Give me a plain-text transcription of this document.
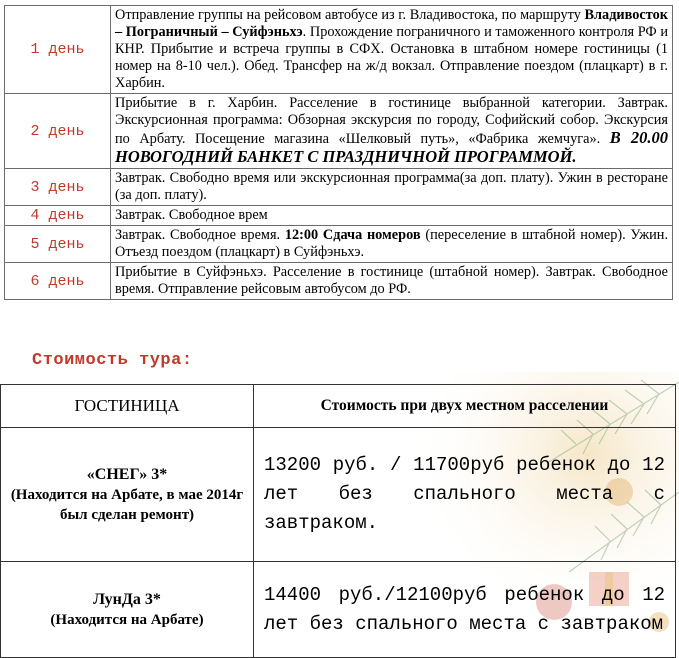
1 день	Отправление группы на рейсовом автобусе из г. Владивостока, по маршруту Владивосток – Пограничный – Суйфэньхэ. Прохождение пограничного и таможенного контроля РФ и КНР. Прибытие и встреча группы в СФХ. Остановка в штабном номере гостиницы (1 номер на 8-10 чел.). Обед. Трансфер на ж/д вокзал. Отправление поездом (плацкарт) в г. Харбин.
2 день	Прибытие в г. Харбин. Расселение в гостинице выбранной категории. Завтрак. Экскурсионная программа: Обзорная экскурсия по городу, Софийский собор. Экскурсия по Арбату. Посещение магазина «Шелковый путь», «Фабрика жемчуга». В 20.00 НОВОГОДНИЙ БАНКЕТ С ПРАЗДНИЧНОЙ ПРОГРАММОЙ.
3 день	Завтрак. Свободно время или экскурсионная программа(за доп. плату). Ужин в ресторане (за доп. плату).
4 день	Завтрак. Свободное врем
5 день	Завтрак. Свободное время. 12:00 Сдача номеров (переселение в штабной номер). Ужин. Отъезд поездом (плацкарт) в Суйфэньхэ.
6 день	Прибытие в Суйфэньхэ. Расселение в гостинице (штабной номер). Завтрак. Свободное время. Отправление рейсовым автобусом до РФ.
Стоимость тура:
ГОСТИНИЦА	Стоимость при двух местном расселении

«СНЕГ» 3*
(Находится на Арбате, в мае 2014г был сделан ремонт)	13200 руб. / 11700руб ребенок до 12 лет без спального места с завтраком.

ЛунДа 3*
(Находится на Арбате)	14400 руб./12100руб ребенок до 12 лет без спального места с завтраком
